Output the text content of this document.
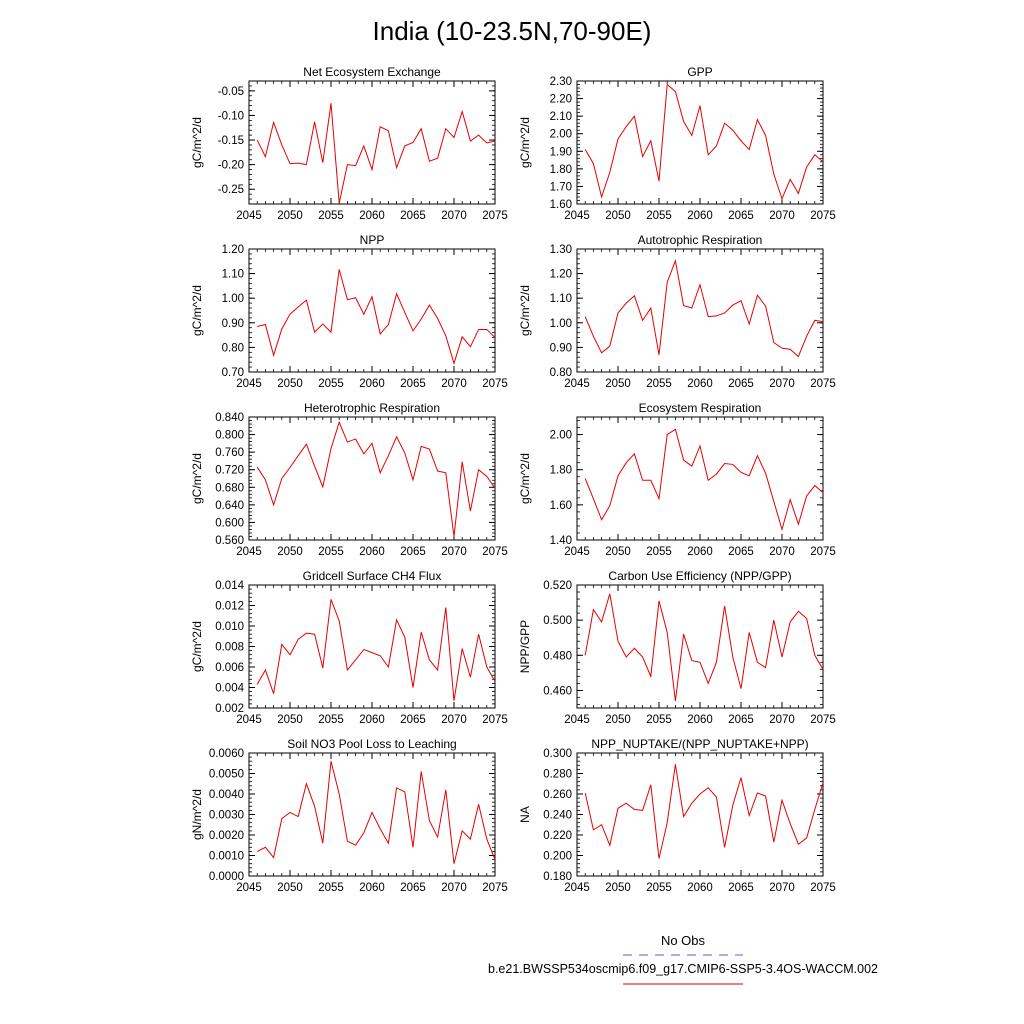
India (10-23.5N,70-90E)
Net Ecosystem Exchange
gC/m^2/d
2045 2050 2055 2060 2065 2070 2075
-0.05
-0.10
-0.15
-0.20
-0.25
GPP
gC/m^2/d
2045 2050 2055 2060 2065 2070 2075
1.60
1.70
1.80
1.90
2.00
2.10
2.20
2.30
NPP
gC/m^2/d
2045 2050 2055 2060 2065 2070 2075
0.70
0.80
0.90
1.00
1.10
1.20
Autotrophic Respiration
gC/m^2/d
2045 2050 2055 2060 2065 2070 2075
0.80
0.90
1.00
1.10
1.20
1.30
Heterotrophic Respiration
gC/m^2/d
2045 2050 2055 2060 2065 2070 2075
0.560
0.600
0.640
0.680
0.720
0.760
0.800
0.840
Ecosystem Respiration
gC/m^2/d
2045 2050 2055 2060 2065 2070 2075
1.40
1.60
1.80
2.00
Gridcell Surface CH4 Flux
gC/m^2/d
2045 2050 2055 2060 2065 2070 2075
0.002
0.004
0.006
0.008
0.010
0.012
0.014
Carbon Use Efficiency (NPP/GPP)
NPP/GPP
2045 2050 2055 2060 2065 2070 2075
0.460
0.480
0.500
0.520
Soil NO3 Pool Loss to Leaching
gN/m^2/d
2045 2050 2055 2060 2065 2070 2075
0.0000
0.0010
0.0020
0.0030
0.0040
0.0050
0.0060
NPP_NUPTAKE/(NPP_NUPTAKE+NPP)
NA
2045 2050 2055 2060 2065 2070 2075
0.180
0.200
0.220
0.240
0.260
0.280
0.300
No Obs
b.e21.BWSSP534oscmip6.f09_g17.CMIP6-SSP5-3.4OS-WACCM.002
